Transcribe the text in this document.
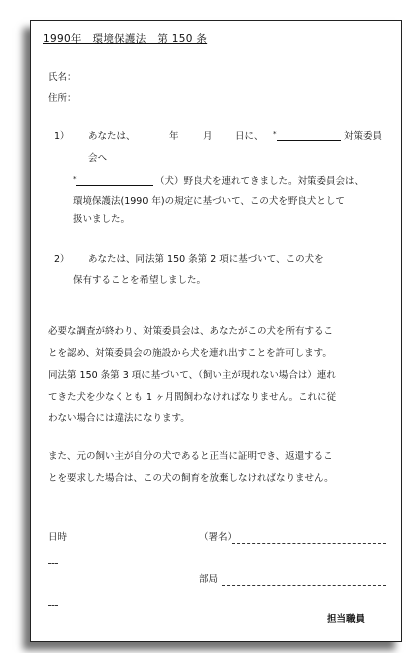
1990年　環境保護法　第 150 条
氏名：
住所：
1） あなたは、	年	月 日に、 *	対策委員
会へ
*	（犬）野良犬を連れてきました。対策委員会は、
環境保護法(1990 年)の規定に基づいて、この犬を野良犬として
扱いました。
2） あなたは、同法第 150 条第 2 項に基づいて、この犬を
保有することを希望しました。
必要な調査が終わり、対策委員会は、あなたがこの犬を所有するこ
とを認め、対策委員会の施設から犬を連れ出すことを許可します。
同法第 150 条第 3 項に基づいて、（飼い主が現れない場合は）連れ
てきた犬を少なくとも 1 ヶ月間飼わなければなりません。これに従
わない場合には違法になります。
また、元の飼い主が自分の犬であると正当に証明でき、返還するこ
とを要求した場合は、この犬の飼育を放棄しなければなりません。
日時	（署名）
部局
担当職員
